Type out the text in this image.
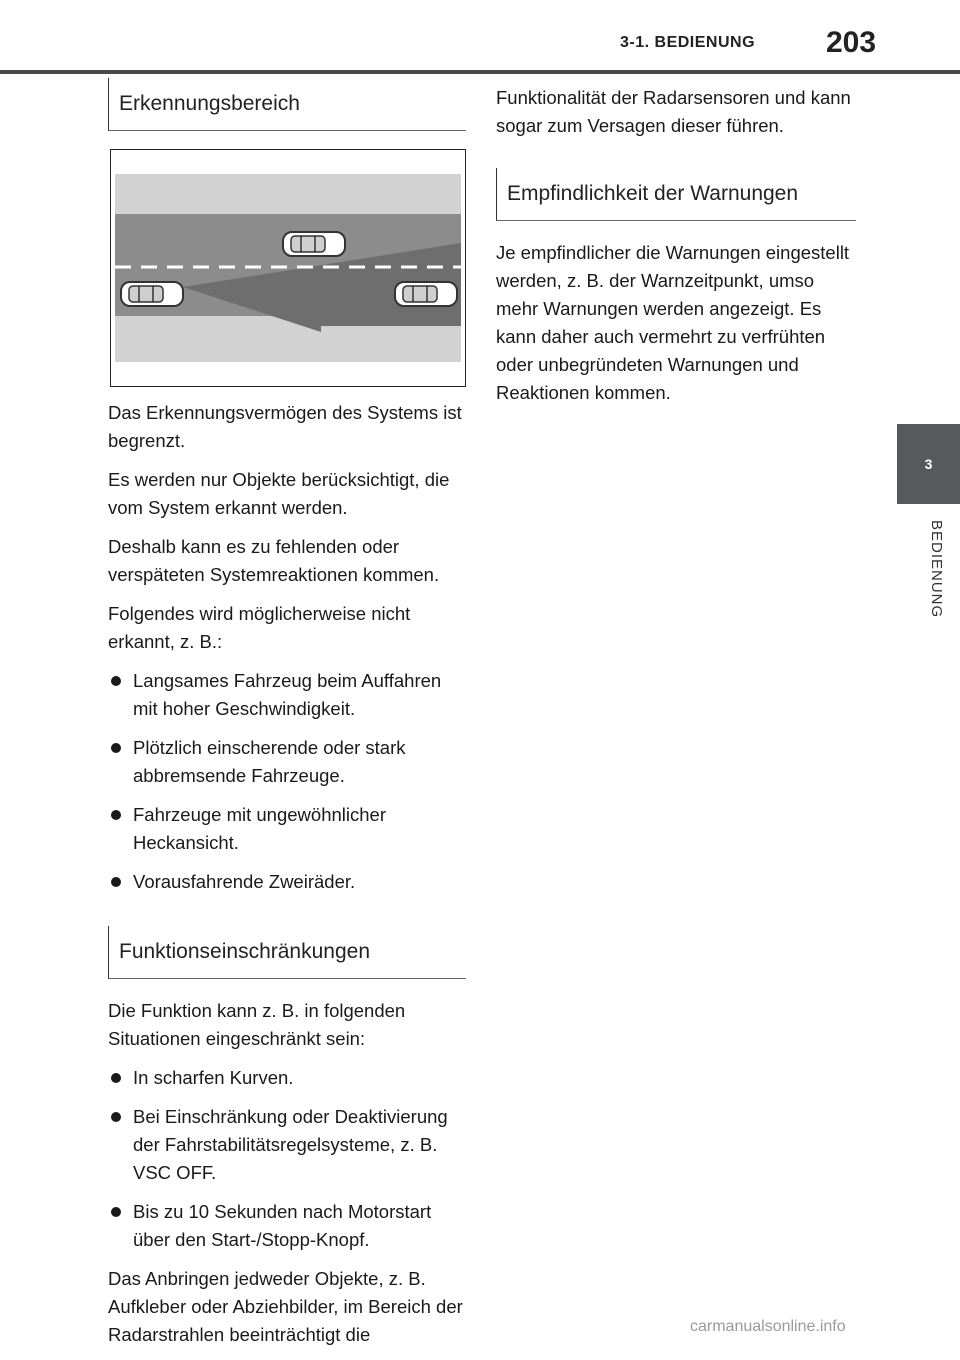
3-1. BEDIENUNG	203
3
BEDIENUNG
Erkennungsbereich

Das Erkennungsvermögen des Systems ist begrenzt.

Es werden nur Objekte berücksichtigt, die vom System erkannt werden.

Deshalb kann es zu fehlenden oder verspäteten Systemreaktionen kommen.

Folgendes wird möglicherweise nicht erkannt, z. B.:

Langsames Fahrzeug beim Auffahren mit hoher Geschwindigkeit.
Plötzlich einscherende oder stark abbremsende Fahrzeuge.
Fahrzeuge mit ungewöhnlicher Heckansicht.
Vorausfahrende Zweiräder.
Funktionseinschränkungen

Die Funktion kann z. B. in folgenden Situationen eingeschränkt sein:

In scharfen Kurven.
Bei Einschränkung oder Deaktivierung der Fahrstabilitätsregelsysteme, z. B. VSC OFF.
Bis zu 10 Sekunden nach Motorstart über den Start-/Stopp-Knopf.

Das Anbringen jedweder Objekte, z. B. Aufkleber oder Abziehbilder, im Bereich der Radarstrahlen beeinträchtigt die

Funktionalität der Radarsensoren und kann sogar zum Versagen dieser führen.

Empfindlichkeit der Warnungen

Je empfindlicher die Warnungen eingestellt werden, z. B. der Warnzeitpunkt, umso mehr Warnungen werden angezeigt. Es kann daher auch vermehrt zu verfrühten oder unbegründeten Warnungen und Reaktionen kommen.

carmanualsonline.info
